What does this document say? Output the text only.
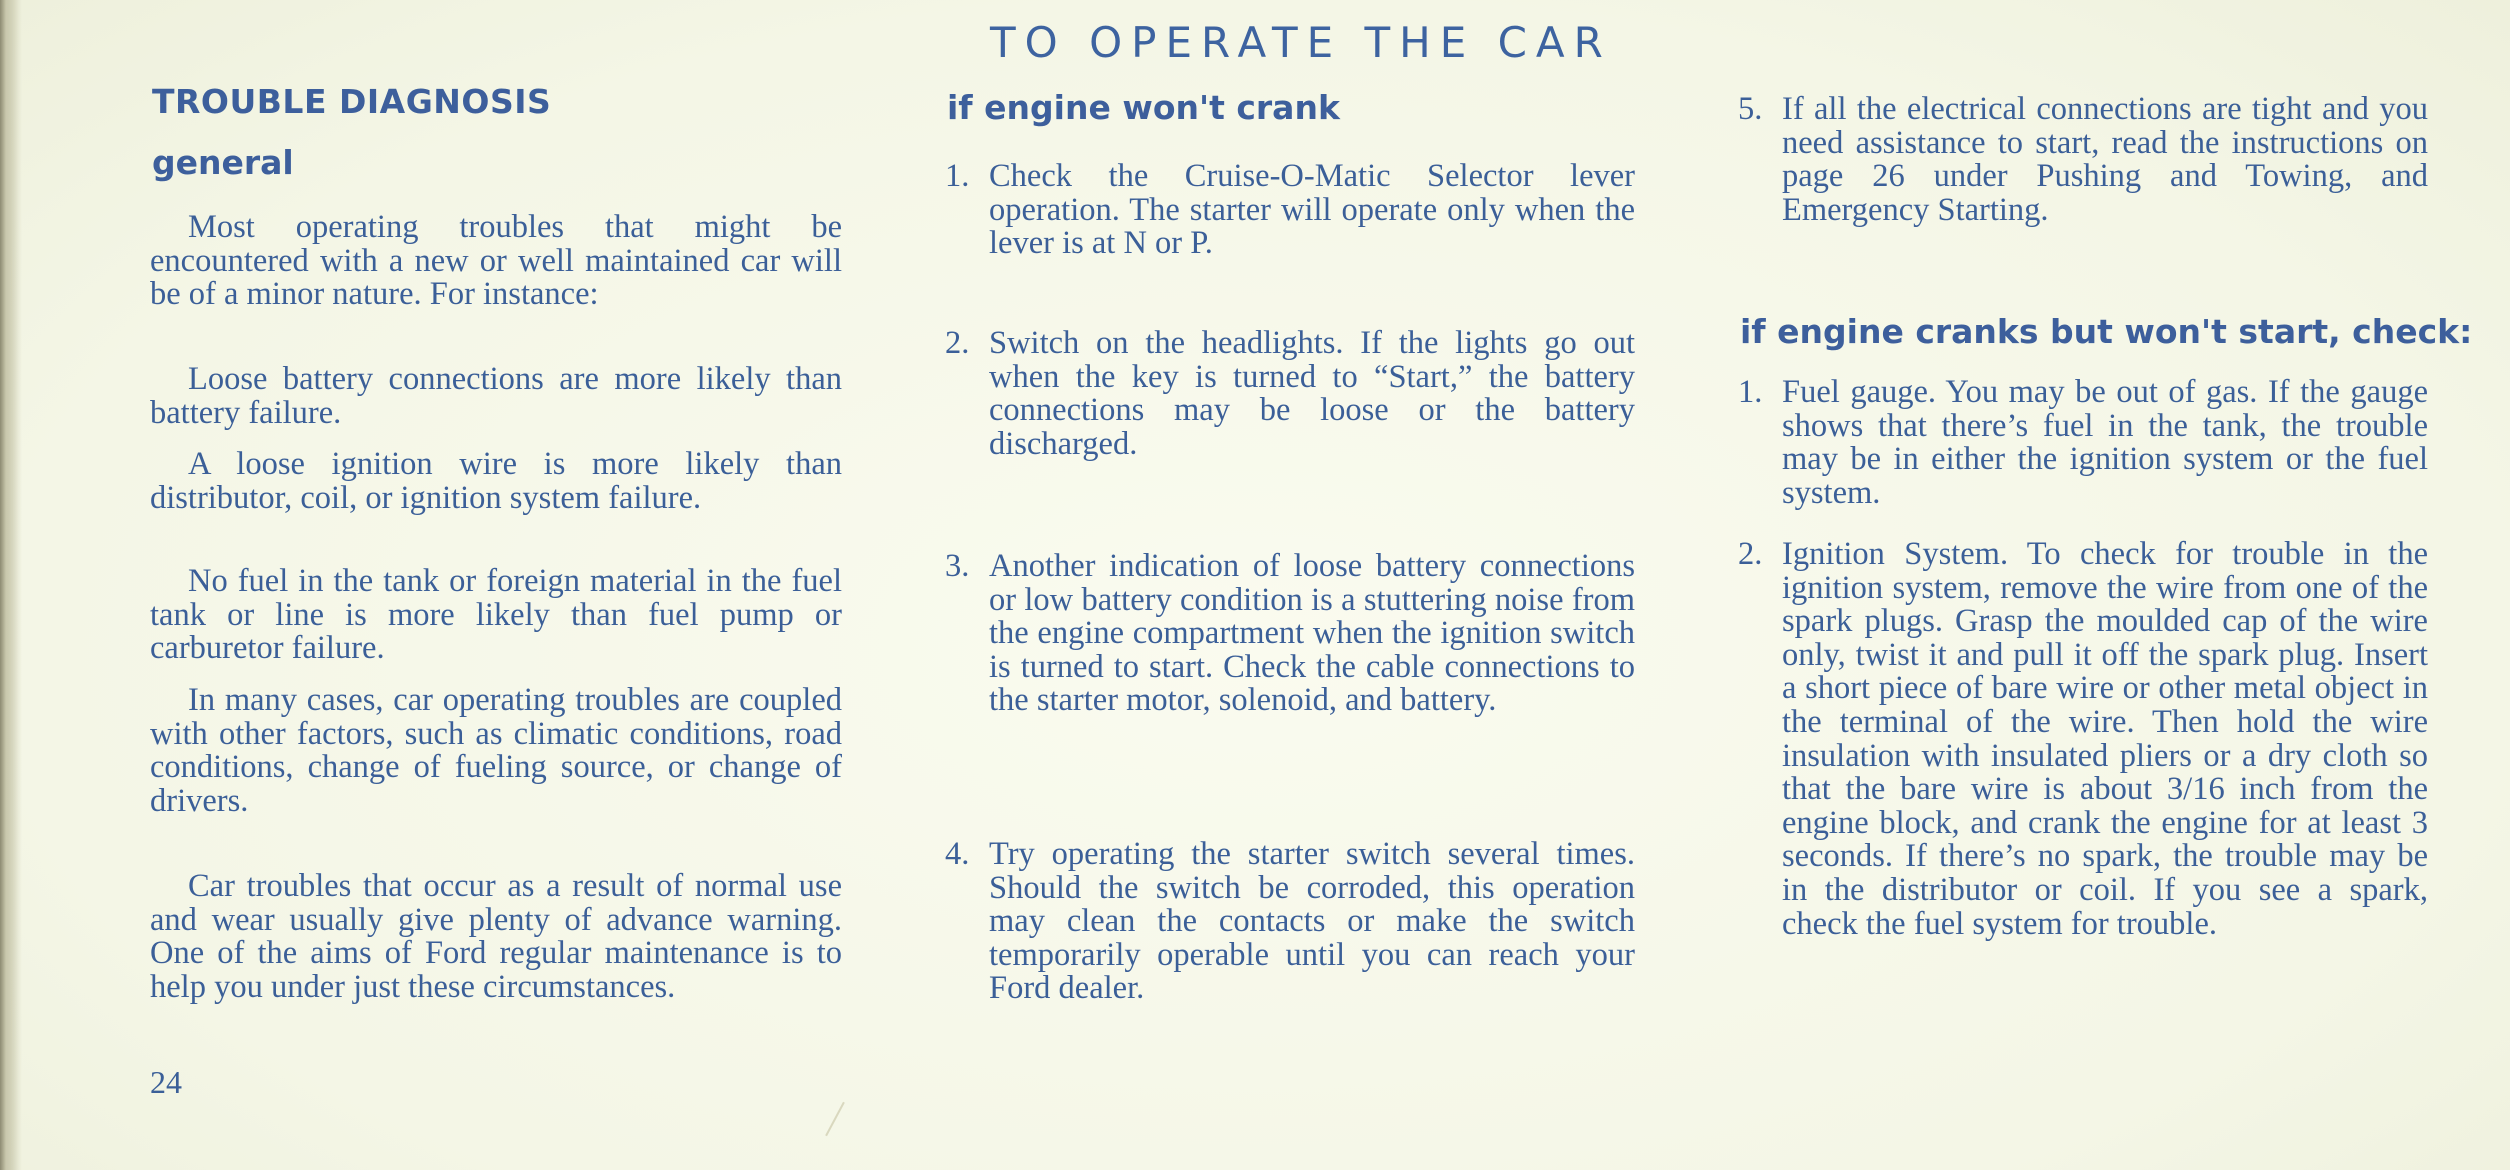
TO OPERATE THE CAR
TROUBLE DIAGNOSIS
general

Most operating troubles that might be encountered with a new or well maintained car will be of a minor nature. For instance:

Loose battery connections are more likely than battery failure.

A loose ignition wire is more likely than distributor, coil, or ignition system failure.

No fuel in the tank or foreign material in the fuel tank or line is more likely than fuel pump or carburetor failure.

In many cases, car operating troubles are coupled with other factors, such as climatic conditions, road conditions, change of fueling source, or change of drivers.

Car troubles that occur as a result of normal use and wear usually give plenty of advance warning. One of the aims of Ford regular maintenance is to help you under just these circumstances.

if engine won't crank
1. Check the Cruise-O-Matic Selector lever operation. The starter will operate only when the lever is at N or P.
2. Switch on the headlights. If the lights go out when the key is turned to “Start,” the battery connections may be loose or the battery discharged.
3. Another indication of loose battery connections or low battery condition is a stuttering noise from the engine compartment when the ignition switch is turned to start. Check the cable connections to the starter motor, solenoid, and battery.
4. Try operating the starter switch several times. Should the switch be corroded, this operation may clean the contacts or make the switch temporarily operable until you can reach your Ford dealer.
5. If all the electrical connections are tight and you need assistance to start, read the instructions on page 26 under Pushing and Towing, and Emergency Starting.
if engine cranks but won't start, check:
1. Fuel gauge. You may be out of gas. If the gauge shows that there’s fuel in the tank, the trouble may be in either the ignition system or the fuel system.
2. Ignition System. To check for trouble in the ignition system, remove the wire from one of the spark plugs. Grasp the moulded cap of the wire only, twist it and pull it off the spark plug. Insert a short piece of bare wire or other metal object in the terminal of the wire. Then hold the wire insulation with insulated pliers or a dry cloth so that the bare wire is about 3/16 inch from the engine block, and crank the engine for at least 3 seconds. If there’s no spark, the trouble may be in the distributor or coil. If you see a spark, check the fuel system for trouble.
24
